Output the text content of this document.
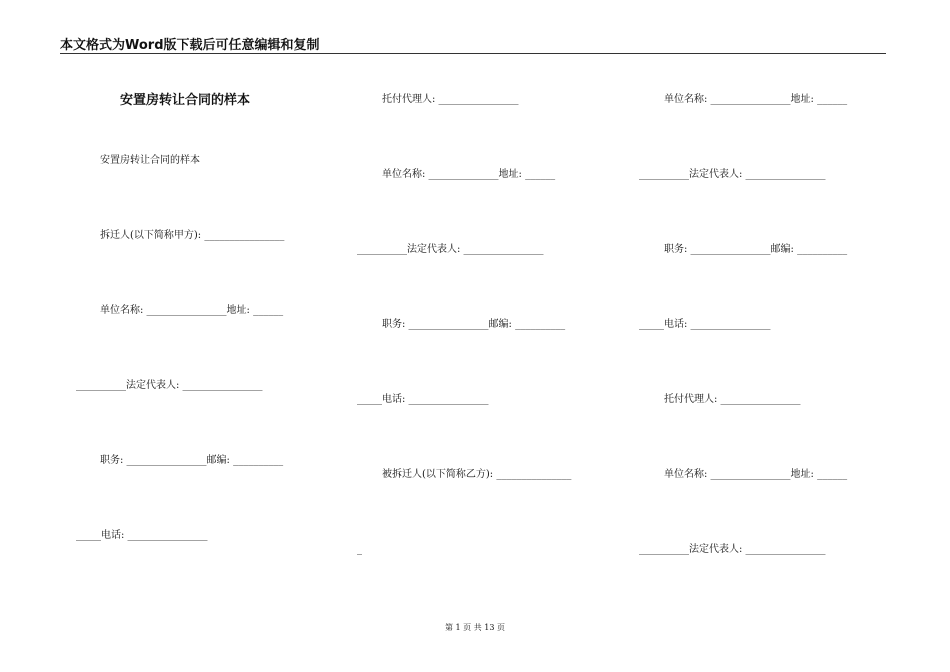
本文格式为Word版下载后可任意编辑和复制
安置房转让合同的样本
安置房转让合同的样本
拆迁人(以下简称甲方): ________________
单位名称: ________________地址: ______
__________法定代表人: ________________
职务: ________________邮编: __________
_____电话: ________________
托付代理人: ________________
单位名称: ______________地址: ______
__________法定代表人: ________________
职务: ________________邮编: __________
_____电话: ________________
被拆迁人(以下简称乙方): _______________
_
单位名称: ________________地址: ______
__________法定代表人: ________________
职务: ________________邮编: __________
_____电话: ________________
托付代理人: ________________
单位名称: ________________地址: ______
__________法定代表人: ________________
第 1 页 共 13 页
